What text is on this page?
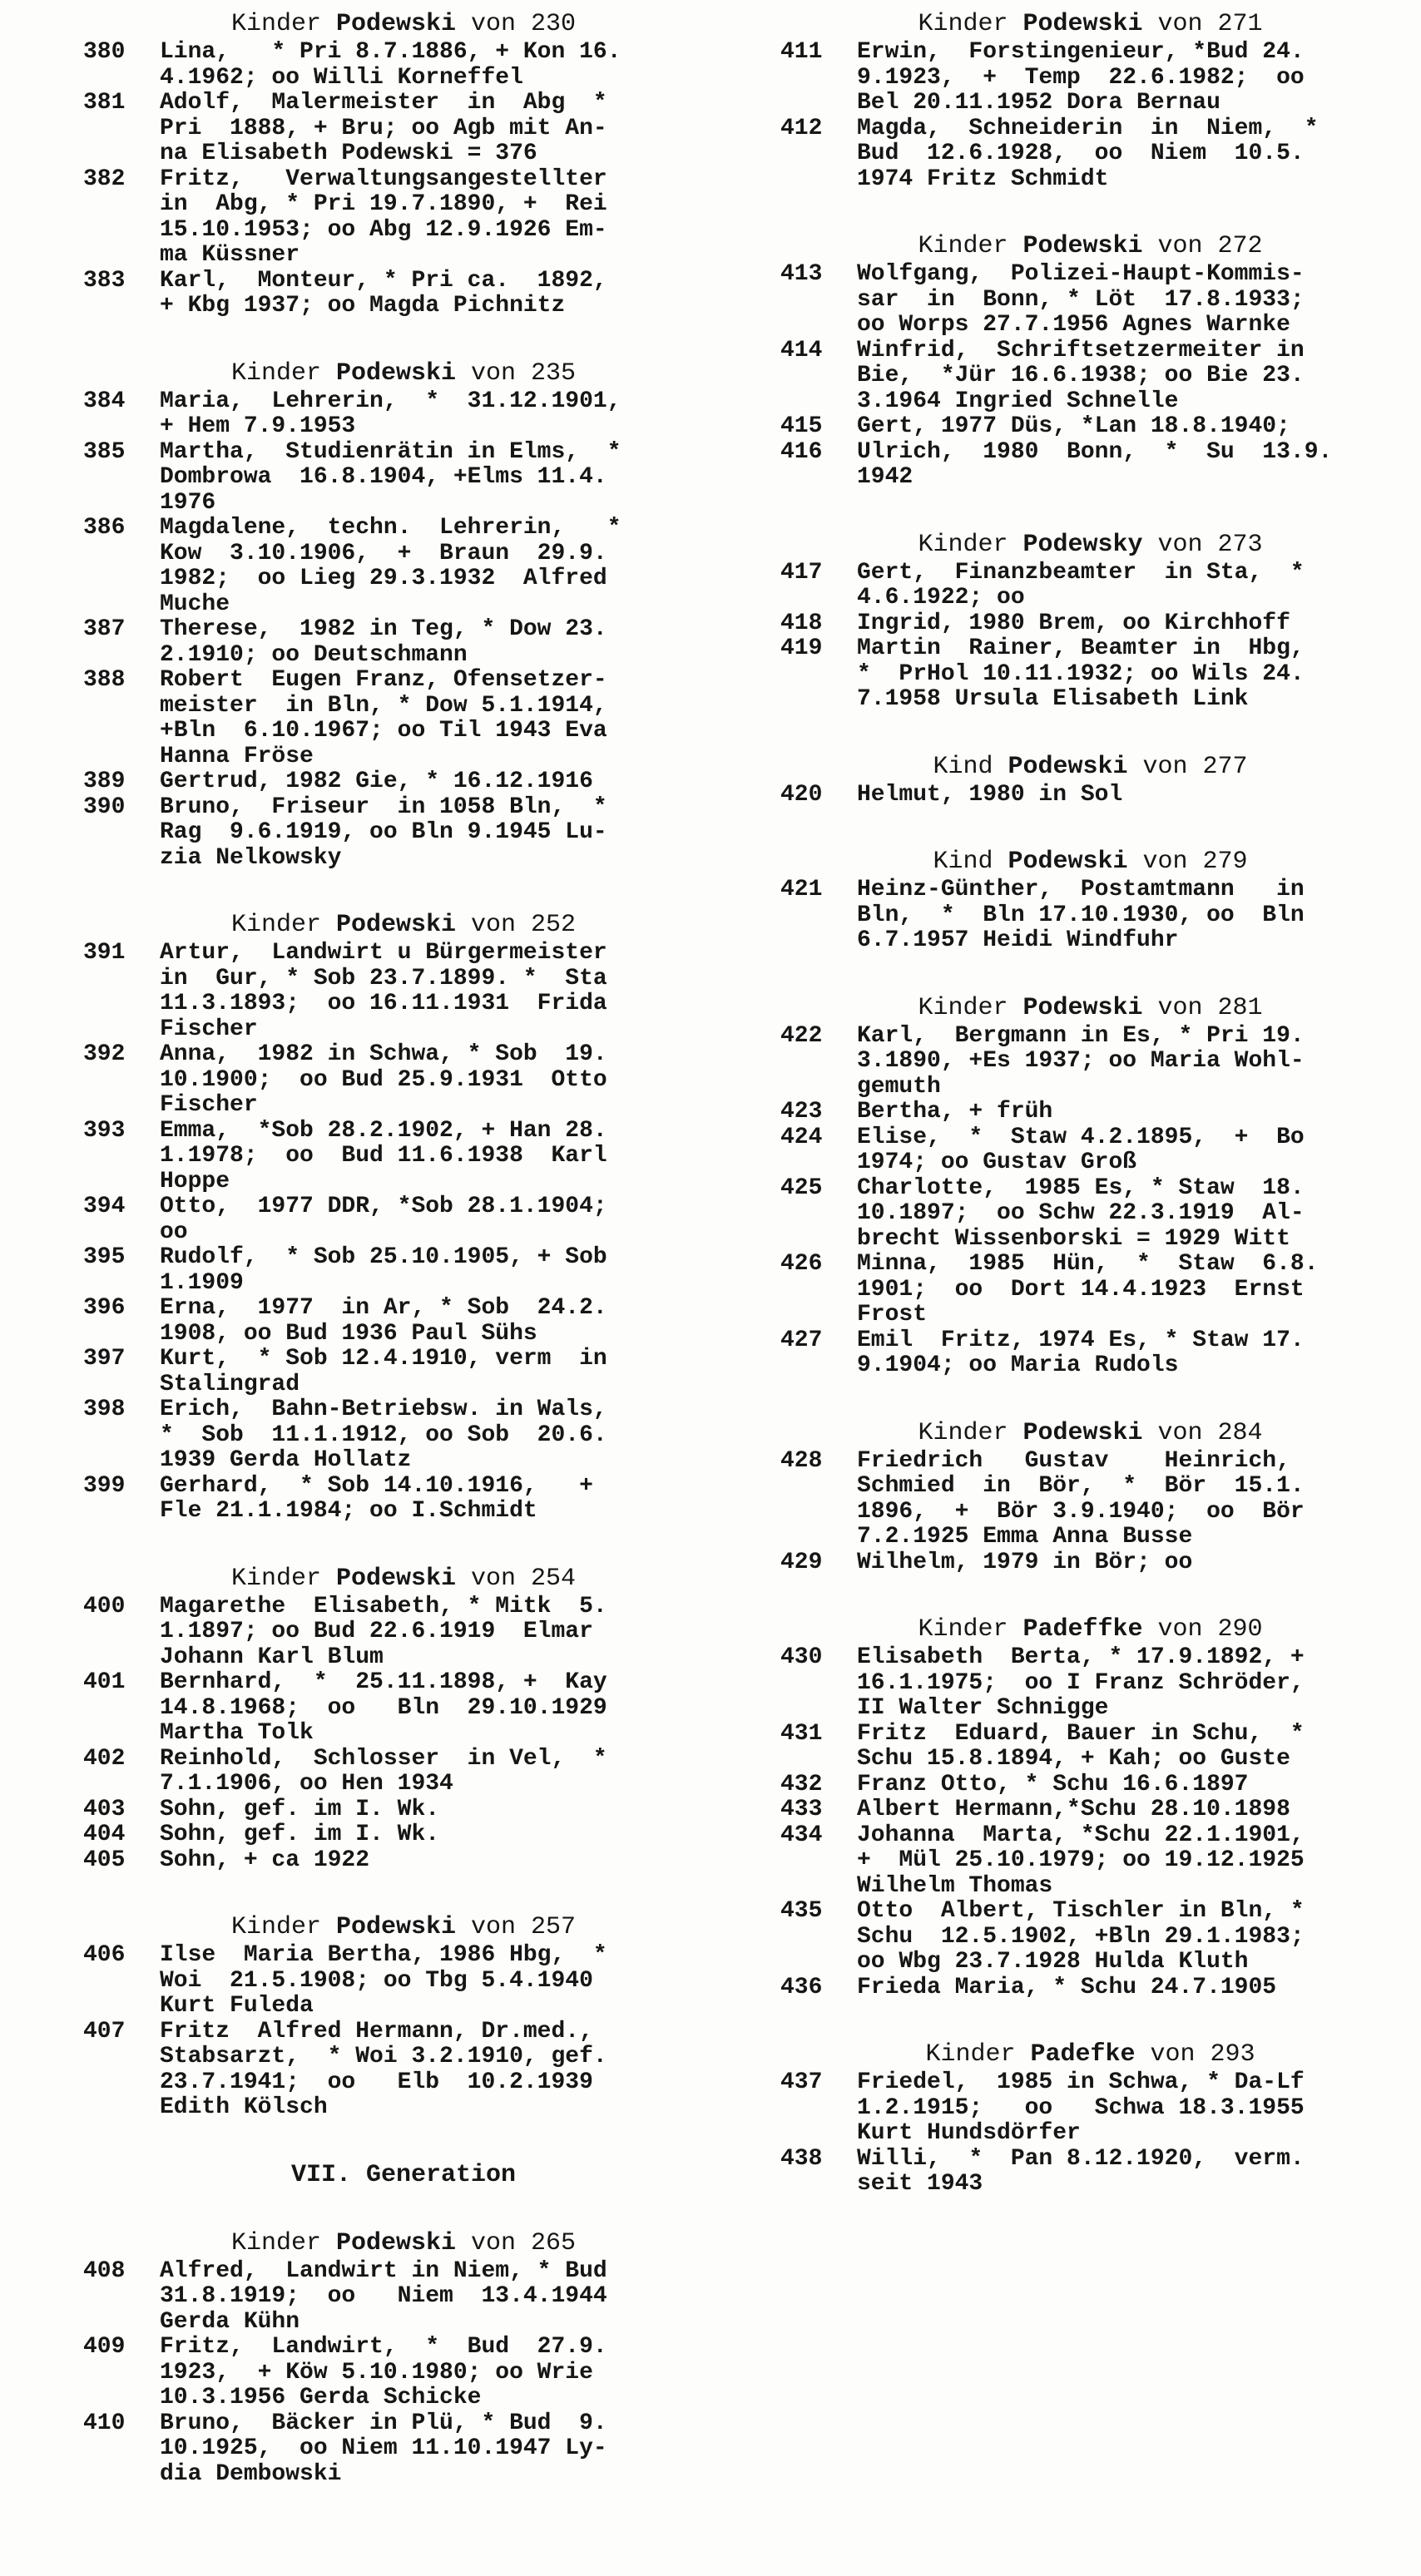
Kinder Podewski von 230
380	Lina,   * Pri 8.7.1886, + Kon 16.
4.1962; oo Willi Korneffel
381	Adolf,  Malermeister  in  Abg  *
Pri  1888, + Bru; oo Agb mit An-
na Elisabeth Podewski = 376
382	Fritz,   Verwaltungsangestellter
in  Abg, * Pri 19.7.1890, +  Rei
15.10.1953; oo Abg 12.9.1926 Em-
ma Küssner
383	Karl,  Monteur, * Pri ca.  1892,
+ Kbg 1937; oo Magda Pichnitz
Kinder Podewski von 235
384	Maria,  Lehrerin,  *  31.12.1901,
+ Hem 7.9.1953
385	Martha,  Studienrätin in Elms,  *
Dombrowa  16.8.1904, +Elms 11.4.
1976
386	Magdalene,  techn.  Lehrerin,   *
Kow  3.10.1906,  +  Braun  29.9.
1982;  oo Lieg 29.3.1932  Alfred
Muche
387	Therese,  1982 in Teg, * Dow 23.
2.1910; oo Deutschmann
388	Robert  Eugen Franz, Ofensetzer-
meister  in Bln, * Dow 5.1.1914,
+Bln  6.10.1967; oo Til 1943 Eva
Hanna Fröse
389	Gertrud, 1982 Gie, * 16.12.1916
390	Bruno,  Friseur  in 1058 Bln,  *
Rag  9.6.1919, oo Bln 9.1945 Lu-
zia Nelkowsky
Kinder Podewski von 252
391	Artur,  Landwirt u Bürgermeister
in  Gur, * Sob 23.7.1899. *  Sta
11.3.1893;  oo 16.11.1931  Frida
Fischer
392	Anna,  1982 in Schwa, * Sob  19.
10.1900;  oo Bud 25.9.1931  Otto
Fischer
393	Emma,  *Sob 28.2.1902, + Han 28.
1.1978;  oo  Bud 11.6.1938  Karl
Hoppe
394	Otto,  1977 DDR, *Sob 28.1.1904;
oo
395	Rudolf,  * Sob 25.10.1905, + Sob
1.1909
396	Erna,  1977  in Ar, * Sob  24.2.
1908, oo Bud 1936 Paul Sühs
397	Kurt,  * Sob 12.4.1910, verm  in
Stalingrad
398	Erich,  Bahn-Betriebsw. in Wals,
*  Sob  11.1.1912, oo Sob  20.6.
1939 Gerda Hollatz
399	Gerhard,  * Sob 14.10.1916,   +
Fle 21.1.1984; oo I.Schmidt
Kinder Podewski von 254
400	Magarethe  Elisabeth, * Mitk  5.
1.1897; oo Bud 22.6.1919  Elmar
Johann Karl Blum
401	Bernhard,  *  25.11.1898, +  Kay
14.8.1968;  oo   Bln  29.10.1929
Martha Tolk
402	Reinhold,  Schlosser  in Vel,  *
7.1.1906, oo Hen 1934
403	Sohn, gef. im I. Wk.
404	Sohn, gef. im I. Wk.
405	Sohn, + ca 1922
Kinder Podewski von 257
406	Ilse  Maria Bertha, 1986 Hbg,  *
Woi  21.5.1908; oo Tbg 5.4.1940
Kurt Fuleda
407	Fritz  Alfred Hermann, Dr.med.,
Stabsarzt,  * Woi 3.2.1910, gef.
23.7.1941;  oo   Elb  10.2.1939
Edith Kölsch
VII. Generation
Kinder Podewski von 265
408	Alfred,  Landwirt in Niem, * Bud
31.8.1919;  oo   Niem  13.4.1944
Gerda Kühn
409	Fritz,  Landwirt,  *  Bud  27.9.
1923,  + Köw 5.10.1980; oo Wrie
10.3.1956 Gerda Schicke
410	Bruno,  Bäcker in Plü, * Bud  9.
10.1925,  oo Niem 11.10.1947 Ly-
dia Dembowski
Kinder Podewski von 271
411	Erwin,  Forstingenieur, *Bud 24.
9.1923,  +  Temp  22.6.1982;  oo
Bel 20.11.1952 Dora Bernau
412	Magda,  Schneiderin  in  Niem,  *
Bud  12.6.1928,  oo  Niem  10.5.
1974 Fritz Schmidt
Kinder Podewski von 272
413	Wolfgang,  Polizei-Haupt-Kommis-
sar  in  Bonn, * Löt  17.8.1933;
oo Worps 27.7.1956 Agnes Warnke
414	Winfrid,  Schriftsetzermeiter in
Bie,  *Jür 16.6.1938; oo Bie 23.
3.1964 Ingried Schnelle
415	Gert, 1977 Düs, *Lan 18.8.1940;
416	Ulrich,  1980  Bonn,  *  Su  13.9.
1942
Kinder Podewsky von 273
417	Gert,  Finanzbeamter  in Sta,  *
4.6.1922; oo
418	Ingrid, 1980 Brem, oo Kirchhoff
419	Martin  Rainer, Beamter in  Hbg,
*  PrHol 10.11.1932; oo Wils 24.
7.1958 Ursula Elisabeth Link
Kind Podewski von 277
420	Helmut, 1980 in Sol
Kind Podewski von 279
421	Heinz-Günther,  Postamtmann   in
Bln,  *  Bln 17.10.1930, oo  Bln
6.7.1957 Heidi Windfuhr
Kinder Podewski von 281
422	Karl,  Bergmann in Es, * Pri 19.
3.1890, +Es 1937; oo Maria Wohl-
gemuth
423	Bertha, + früh
424	Elise,  *  Staw 4.2.1895,  +  Bo
1974; oo Gustav Groß
425	Charlotte,  1985 Es, * Staw  18.
10.1897;  oo Schw 22.3.1919  Al-
brecht Wissenborski = 1929 Witt
426	Minna,  1985  Hün,  *  Staw  6.8.
1901;  oo  Dort 14.4.1923  Ernst
Frost
427	Emil  Fritz, 1974 Es, * Staw 17.
9.1904; oo Maria Rudols
Kinder Podewski von 284
428	Friedrich   Gustav    Heinrich,
Schmied  in  Bör,  *  Bör  15.1.
1896,  +  Bör 3.9.1940;  oo  Bör
7.2.1925 Emma Anna Busse
429	Wilhelm, 1979 in Bör; oo
Kinder Padeffke von 290
430	Elisabeth  Berta, * 17.9.1892, +
16.1.1975;  oo I Franz Schröder,
II Walter Schnigge
431	Fritz  Eduard, Bauer in Schu,  *
Schu 15.8.1894, + Kah; oo Guste
432	Franz Otto, * Schu 16.6.1897
433	Albert Hermann,*Schu 28.10.1898
434	Johanna  Marta, *Schu 22.1.1901,
+  Mül 25.10.1979; oo 19.12.1925
Wilhelm Thomas
435	Otto  Albert, Tischler in Bln, *
Schu  12.5.1902, +Bln 29.1.1983;
oo Wbg 23.7.1928 Hulda Kluth
436	Frieda Maria, * Schu 24.7.1905
Kinder Padefke von 293
437	Friedel,  1985 in Schwa, * Da-Lf
1.2.1915;   oo   Schwa 18.3.1955
Kurt Hundsdörfer
438	Willi,  *  Pan 8.12.1920,  verm.
seit 1943
